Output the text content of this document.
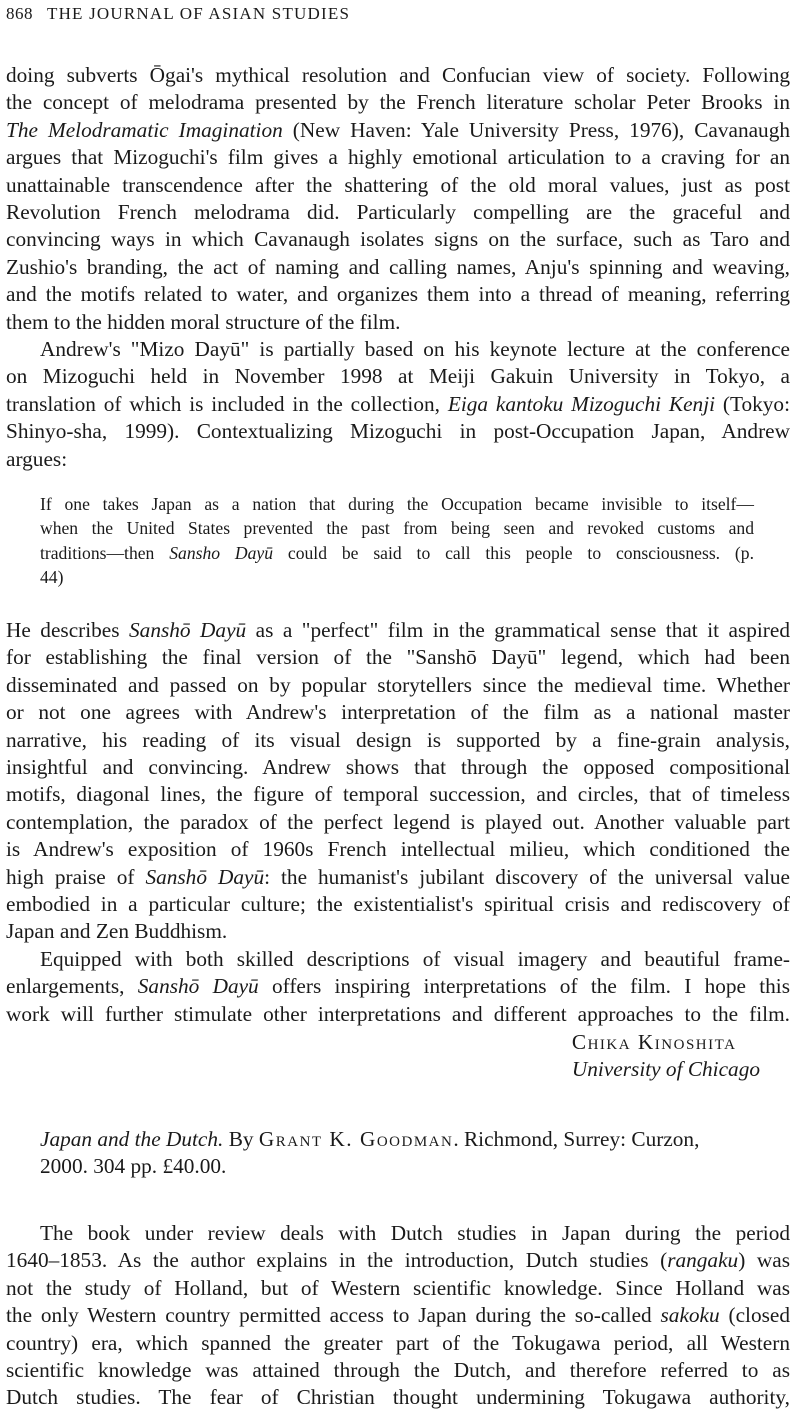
868 THE JOURNAL OF ASIAN STUDIES

doing subverts Ōgai's mythical resolution and Confucian view of society. Following
the concept of melodrama presented by the French literature scholar Peter Brooks in
The Melodramatic Imagination (New Haven: Yale University Press, 1976), Cavanaugh
argues that Mizoguchi's film gives a highly emotional articulation to a craving for an
unattainable transcendence after the shattering of the old moral values, just as post
Revolution French melodrama did. Particularly compelling are the graceful and
convincing ways in which Cavanaugh isolates signs on the surface, such as Taro and
Zushio's branding, the act of naming and calling names, Anju's spinning and weaving,
and the motifs related to water, and organizes them into a thread of meaning, referring
them to the hidden moral structure of the film.

Andrew's "Mizo Dayū" is partially based on his keynote lecture at the conference
on Mizoguchi held in November 1998 at Meiji Gakuin University in Tokyo, a
translation of which is included in the collection, Eiga kantoku Mizoguchi Kenji (Tokyo:
Shinyo-sha, 1999). Contextualizing Mizoguchi in post-Occupation Japan, Andrew
argues:

If one takes Japan as a nation that during the Occupation became invisible to itself—
when the United States prevented the past from being seen and revoked customs and
traditions—then Sansho Dayū could be said to call this people to consciousness. (p.
44)

He describes Sanshō Dayū as a "perfect" film in the grammatical sense that it aspired
for establishing the final version of the "Sanshō Dayū" legend, which had been
disseminated and passed on by popular storytellers since the medieval time. Whether
or not one agrees with Andrew's interpretation of the film as a national master
narrative, his reading of its visual design is supported by a fine-grain analysis,
insightful and convincing. Andrew shows that through the opposed compositional
motifs, diagonal lines, the figure of temporal succession, and circles, that of timeless
contemplation, the paradox of the perfect legend is played out. Another valuable part
is Andrew's exposition of 1960s French intellectual milieu, which conditioned the
high praise of Sanshō Dayū: the humanist's jubilant discovery of the universal value
embodied in a particular culture; the existentialist's spiritual crisis and rediscovery of
Japan and Zen Buddhism.

Equipped with both skilled descriptions of visual imagery and beautiful frame-
enlargements, Sanshō Dayū offers inspiring interpretations of the film. I hope this
work will further stimulate other interpretations and different approaches to the film.

Chika Kinoshita
University of Chicago
Japan and the Dutch. By Grant K. Goodman. Richmond, Surrey: Curzon,
2000. 304 pp. £40.00.

The book under review deals with Dutch studies in Japan during the period
1640–1853. As the author explains in the introduction, Dutch studies (rangaku) was
not the study of Holland, but of Western scientific knowledge. Since Holland was
the only Western country permitted access to Japan during the so-called sakoku (closed
country) era, which spanned the greater part of the Tokugawa period, all Western
scientific knowledge was attained through the Dutch, and therefore referred to as
Dutch studies. The fear of Christian thought undermining Tokugawa authority,
